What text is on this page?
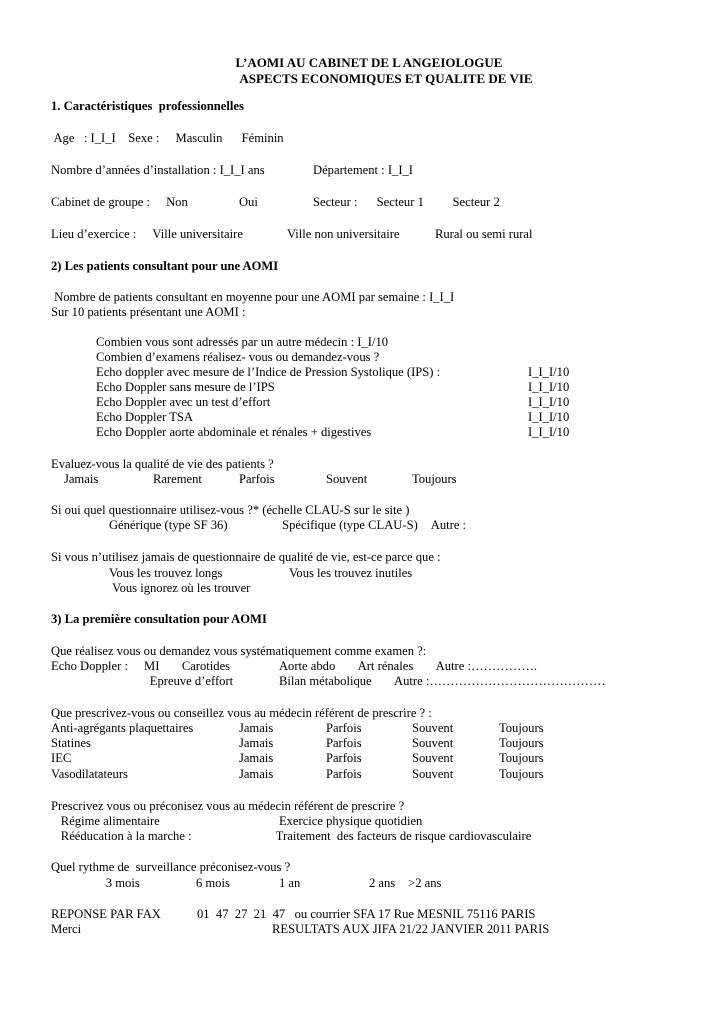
L’AOMI AU CABINET DE L ANGEIOLOGUE
ASPECTS ECONOMIQUES ET QUALITE DE VIE
1. Caractéristiques  professionnelles
Age   : I_I_I    Sexe :   Masculin    Féminin
Nombre d’années d’installation : I_I_I ans	Département : I_I_I
Cabinet de groupe :   Non	Oui	Secteur :    Secteur 1       Secteur 2
Lieu d’exercice :   Ville universitaire	Ville non universitaire Rural ou semi rural
2) Les patients consultant pour une AOMI
Nombre de patients consultant en moyenne pour une AOMI par semaine : I_I_I
Sur 10 patients présentant une AOMI :
Combien vous sont adressés par un autre médecin : I_I/10
Combien d’examens réalisez- vous ou demandez-vous ?
Echo doppler avec mesure de l’Indice de Pression Systolique (IPS) :	I_I_I/10
Echo Doppler sans mesure de l’IPS	I_I_I/10
Echo Doppler avec un test d’effort	I_I_I/10
Echo Doppler TSA	I_I_I/10
Echo Doppler aorte abdominale et rénales + digestives	I_I_I/10
Evaluez-vous la qualité de vie des patients ?
Jamais	Rarement Parfois	Souvent	Toujours
Si oui quel questionnaire utilisez-vous ?* (échelle CLAU-S sur le site )
Générique (type SF 36)	Spécifique (type CLAU-S)  Autre :
Si vous n’utilisez jamais de questionnaire de qualité de vie, est-ce parce que :
Vous les trouvez longs	Vous les trouvez inutiles
Vous ignorez où les trouver
3) La première consultation pour AOMI
Que réalisez vous ou demandez vous systématiquement comme examen ?:
Echo Doppler :   MI     Carotides	Aorte abdo     Art rénales     Autre :…………….
Epreuve d’effort	Bilan métabolique     Autre :……………………………………
Que prescrivez-vous ou conseillez vous au médecin référent de prescrire ? :
Anti-agrégants plaquettaires	Jamais	Parfois	Souvent	Toujours
Statines	Jamais	Parfois	Souvent	Toujours
IEC	Jamais	Parfois	Souvent	Toujours
Vasodilatateurs	Jamais	Parfois	Souvent	Toujours
Prescrivez vous ou préconisez vous au médecin référent de prescrire ?
Régime alimentaire	Exercice physique quotidien
Rééducation à la marche :	Traitement  des facteurs de risque cardiovasculaire
Quel rythme de  surveillance préconisez-vous ?
3 mois	6 mois	1 an	2 ans  >2 ans
REPONSE PAR FAX	01  47  27  21  47   ou courrier SFA 17 Rue MESNIL 75116 PARIS
Merci	RESULTATS AUX JIFA 21/22 JANVIER 2011 PARIS
